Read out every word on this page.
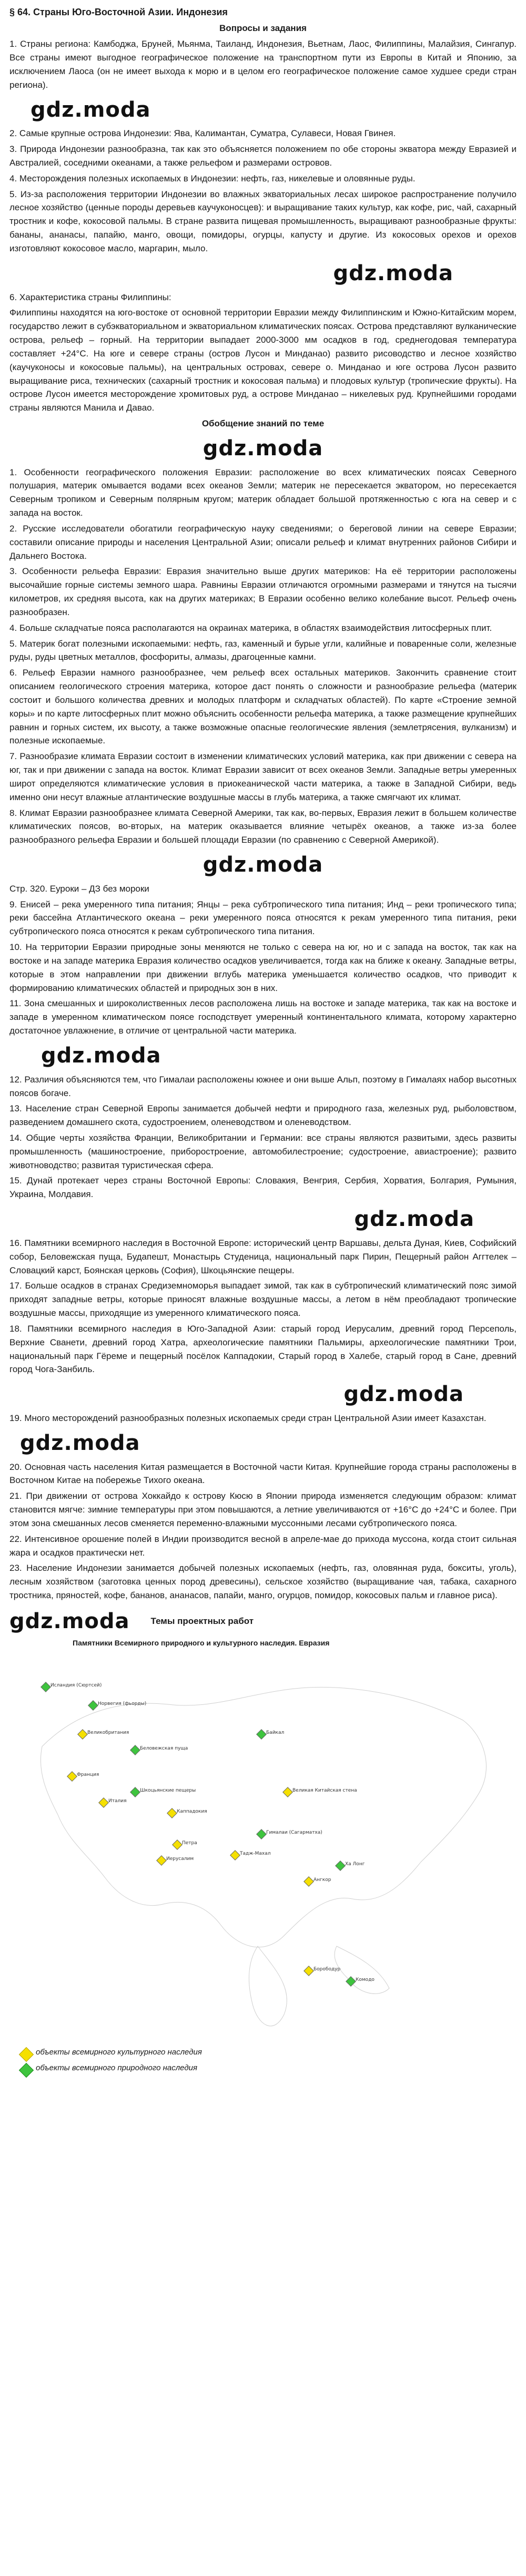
§ 64. Страны Юго-Восточной Азии. Индонезия
Вопросы и задания

1. Страны региона: Камбоджа, Бруней, Мьянма, Таиланд, Индонезия, Вьетнам, Лаос, Филиппины, Малайзия, Сингапур. Все страны имеют выгодное географическое положение на транспортном пути из Европы в Китай и Японию, за исключением Лаоса (он не имеет выхода к морю и в целом его географическое положение самое худшее среди стран региона).

gdz.moda

2. Самые крупные острова Индонезии: Ява, Калимантан, Суматра, Сулавеси, Новая Гвинея.

3. Природа Индонезии разнообразна, так как это объясняется положением по обе стороны экватора между Евразией и Австралией, соседними океанами, а также рельефом и размерами островов.

4. Месторождения полезных ископаемых в Индонезии: нефть, газ, никелевые и оловянные руды.

5. Из-за расположения территории Индонезии во влажных экваториальных лесах широкое распространение получило лесное хозяйство (ценные породы деревьев каучуконосцев): и выращивание таких культур, как кофе, рис, чай, сахарный тростник и кофе, кокосовой пальмы. В стране развита пищевая промышленность, выращивают разнообразные фрукты: бананы, ананасы, папайю, манго, овощи, помидоры, огурцы, капусту и другие. Из кокосовых орехов и орехов изготовляют кокосовое масло, маргарин, мыло.

gdz.moda

6. Характеристика страны Филиппины:

Филиппины находятся на юго-востоке от основной территории Евразии между Филиппинским и Южно-Китайским морем, государство лежит в субэкваториальном и экваториальном климатических поясах. Острова представляют вулканические острова, рельеф – горный. На территории выпадает 2000-3000 мм осадков в год, среднегодовая температура составляет +24°С. На юге и севере страны (остров Лусон и Минданао) развито рисоводство и лесное хозяйство (каучуконосы и кокосовые пальмы), на центральных островах, севере о. Минданао и юге острова Лусон развито выращивание риса, технических (сахарный тростник и кокосовая пальма) и плодовых культур (тропические фрукты). На острове Лусон имеется месторождение хромитовых руд, а острове Минданао – никелевых руд. Крупнейшими городами страны являются Манила и Давао.

Обобщение знаний по теме
gdz.moda

1. Особенности географического положения Евразии: расположение во всех климатических поясах Северного полушария, материк омывается водами всех океанов Земли; материк не пересекается экватором, но пересекается Северным тропиком и Северным полярным кругом; материк обладает большой протяженностью с юга на север и с запада на восток.

2. Русские исследователи обогатили географическую науку сведениями; о береговой линии на севере Евразии; составили описание природы и населения Центральной Азии; описали рельеф и климат внутренних районов Сибири и Дальнего Востока.

3. Особенности рельефа Евразии: Евразия значительно выше других материков: На её территории расположены высочайшие горные системы земного шара. Равнины Евразии отличаются огромными размерами и тянутся на тысячи километров, их средняя высота, как на других материках; В Евразии особенно велико колебание высот. Рельеф очень разнообразен.

4. Больше складчатые пояса располагаются на окраинах материка, в областях взаимодействия литосферных плит.

5. Материк богат полезными ископаемыми: нефть, газ, каменный и бурые угли, калийные и поваренные соли, железные руды, руды цветных металлов, фосфориты, алмазы, драгоценные камни.

6. Рельеф Евразии намного разнообразнее, чем рельеф всех остальных материков. Закончить сравнение стоит описанием геологического строения материка, которое даст понять о сложности и разнообразие рельефа (материк состоит и большого количества древних и молодых платформ и складчатых областей). По карте «Строение земной коры» и по карте литосферных плит можно объяснить особенности рельефа материка, а также размещение крупнейших равнин и горных систем, их высоту, а также возможные опасные геологические явления (землетрясения, вулканизм) и полезные ископаемые.

7. Разнообразие климата Евразии состоит в изменении климатических условий материка, как при движении с севера на юг, так и при движении с запада на восток. Климат Евразии зависит от всех океанов Земли. Западные ветры умеренных широт определяются климатические условия в приокеанической части материка, а также в Западной Сибири, ведь именно они несут влажные атлантические воздушные массы в глубь материка, а также смягчают их климат.

8. Климат Евразии разнообразнее климата Северной Америки, так как, во-первых, Евразия лежит в большем количестве климатических поясов, во-вторых, на материк оказывается влияние четырёх океанов, а также из-за более разнообразного рельефа Евразии и большей площади Евразии (по сравнению с Северной Америкой).

gdz.moda

Стр. 320. Еуроки – ДЗ без мороки

9. Енисей – река умеренного типа питания; Янцы – река субтропического типа питания; Инд – реки тропического типа; реки бассейна Атлантического океана – реки умеренного пояса относятся к рекам умеренного типа питания, реки субтропического пояса относятся к рекам субтропического типа питания.

10. На территории Евразии природные зоны меняются не только с севера на юг, но и с запада на восток, так как на востоке и на западе материка Евразия количество осадков увеличивается, тогда как на ближе к океану. Западные ветры, которые в этом направлении при движении вглубь материка уменьшается количество осадков, что приводит к формированию климатических областей и природных зон в них.

11. Зона смешанных и широколиственных лесов расположена лишь на востоке и западе материка, так как на востоке и западе в умеренном климатическом поясе господствует умеренный континентального климата, которому характерно достаточное увлажнение, в отличие от центральной части материка.

gdz.moda

12. Различия объясняются тем, что Гималаи расположены южнее и они выше Альп, поэтому в Гималаях набор высотных поясов богаче.

13. Население стран Северной Европы занимается добычей нефти и природного газа, железных руд, рыболовством, разведением домашнего скота, судостроением, оленеводством и оленеводством.

14. Общие черты хозяйства Франции, Великобритании и Германии: все страны являются развитыми, здесь развиты промышленность (машиностроение, приборостроение, автомобилестроение; судостроение, авиастроение); развито животноводство; развитая туристическая сфера.

15. Дунай протекает через страны Восточной Европы: Словакия, Венгрия, Сербия, Хорватия, Болгария, Румыния, Украина, Молдавия.

gdz.moda

16. Памятники всемирного наследия в Восточной Европе: исторический центр Варшавы, дельта Дуная, Киев, Софийский собор, Беловежская пуща, Будапешт, Монастырь Студеница, национальный парк Пирин, Пещерный район Аггтелек – Словацкий карст, Боянская церковь (София), Шкоцьянские пещеры.

17. Больше осадков в странах Средиземноморья выпадает зимой, так как в субтропический климатический пояс зимой приходят западные ветры, которые приносят влажные воздушные массы, а летом в нём преобладают тропические воздушные массы, приходящие из умеренного климатического пояса.

18. Памятники всемирного наследия в Юго-Западной Азии: старый город Иерусалим, древний город Персеполь, Верхние Сванети, древний город Хатра, археологические памятники Пальмиры, археологические памятники Трои, национальный парк Гёреме и пещерный посёлок Каппадокии, Старый город в Халебе, старый город в Сане, древний город Чога-Занбиль.

gdz.moda

19. Много месторождений разнообразных полезных ископаемых среди стран Центральной Азии имеет Казахстан.

gdz.moda

20. Основная часть населения Китая размещается в Восточной части Китая. Крупнейшие города страны расположены в Восточном Китае на побережье Тихого океана.

21. При движении от острова Хоккайдо к острову Кюсю в Японии природа изменяется следующим образом: климат становится мягче: зимние температуры при этом повышаются, а летние увеличиваются от +16°С до +24°С и более. При этом зона смешанных лесов сменяется переменно-влажными муссонными лесами субтропического пояса.

22. Интенсивное орошение полей в Индии производится весной в апреле-мае до прихода муссона, когда стоит сильная жара и осадков практически нет.

23. Население Индонезии занимается добычей полезных ископаемых (нефть, газ, оловянная руда, бокситы, уголь), лесным хозяйством (заготовка ценных пород древесины), сельское хозяйство (выращивание чая, табака, сахарного тростника, пряностей, кофе, бананов, ананасов, папайи, манго, огурцов, помидор, кокосовых пальм и главное риса).

gdz.moda Темы проектных работ
Памятники Всемирного природного и культурного наследия. Евразия
Исландия (Сюртсей)
Норвегия (фьорды)
Великобритания
Беловежская пуща
Байкал
Франция
Италия
Шкоцьянские пещеры
Каппадокия
Петра
Иерусалим
Великая Китайская стена
Тадж-Махал
Ангкор
Гималаи (Сагарматха)
Ха Лонг
Борободур
Комодо
объекты всемирного культурного наследия
объекты всемирного природного наследия
